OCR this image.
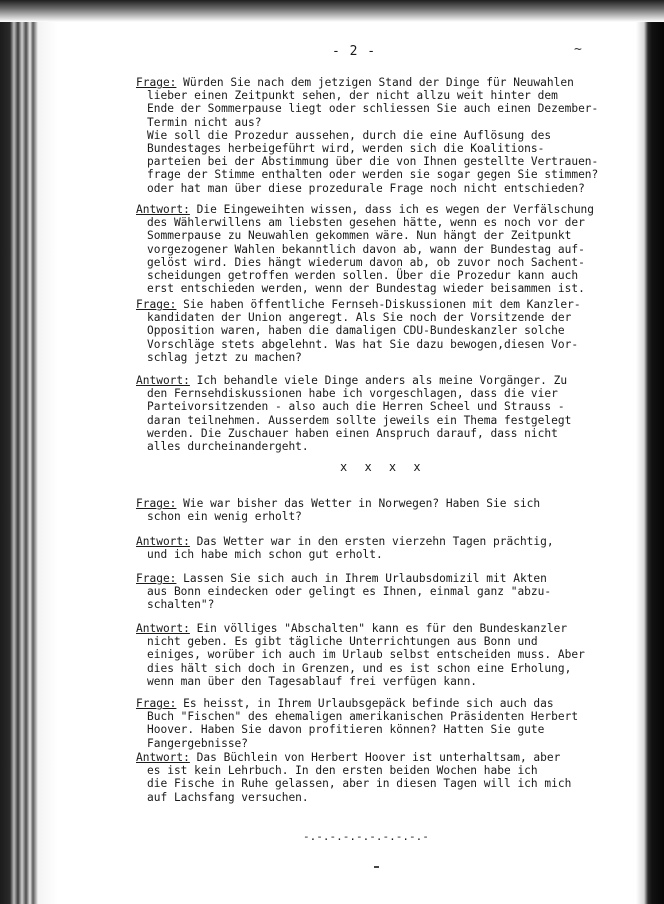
- 2 -	~
Frage: Würden Sie nach dem jetzigen Stand der Dinge für Neuwahlen
lieber einen Zeitpunkt sehen, der nicht allzu weit hinter dem
Ende der Sommerpause liegt oder schliessen Sie auch einen Dezember-
Termin nicht aus?
Wie soll die Prozedur aussehen, durch die eine Auflösung des
Bundestages herbeigeführt wird, werden sich die Koalitions-
parteien bei der Abstimmung über die von Ihnen gestellte Vertrauen-
frage der Stimme enthalten oder werden sie sogar gegen Sie stimmen?
oder hat man über diese prozedurale Frage noch nicht entschieden?
Antwort: Die Eingeweihten wissen, dass ich es wegen der Verfälschung
des Wählerwillens am liebsten gesehen hätte, wenn es noch vor der
Sommerpause zu Neuwahlen gekommen wäre. Nun hängt der Zeitpunkt
vorgezogener Wahlen bekanntlich davon ab, wann der Bundestag auf-
gelöst wird. Dies hängt wiederum davon ab, ob zuvor noch Sachent-
scheidungen getroffen werden sollen. Über die Prozedur kann auch
erst entschieden werden, wenn der Bundestag wieder beisammen ist.
Frage: Sie haben öffentliche Fernseh-Diskussionen mit dem Kanzler-
kandidaten der Union angeregt. Als Sie noch der Vorsitzende der
Opposition waren, haben die damaligen CDU-Bundeskanzler solche
Vorschläge stets abgelehnt. Was hat Sie dazu bewogen,diesen Vor-
schlag jetzt zu machen?
Antwort: Ich behandle viele Dinge anders als meine Vorgänger. Zu
den Fernsehdiskussionen habe ich vorgeschlagen, dass die vier
Parteivorsitzenden - also auch die Herren Scheel und Strauss -
daran teilnehmen. Ausserdem sollte jeweils ein Thema festgelegt
werden. Die Zuschauer haben einen Anspruch darauf, dass nicht
alles durcheinandergeht.
Frage: Wie war bisher das Wetter in Norwegen? Haben Sie sich
schon ein wenig erholt?
Antwort: Das Wetter war in den ersten vierzehn Tagen prächtig,
und ich habe mich schon gut erholt.
Frage: Lassen Sie sich auch in Ihrem Urlaubsdomizil mit Akten
aus Bonn eindecken oder gelingt es Ihnen, einmal ganz "abzu-
schalten"?
Antwort: Ein völliges "Abschalten" kann es für den Bundeskanzler
nicht geben. Es gibt tägliche Unterrichtungen aus Bonn und
einiges, worüber ich auch im Urlaub selbst entscheiden muss. Aber
dies hält sich doch in Grenzen, und es ist schon eine Erholung,
wenn man über den Tagesablauf frei verfügen kann.
Frage: Es heisst, in Ihrem Urlaubsgepäck befinde sich auch das
Buch "Fischen" des ehemaligen amerikanischen Präsidenten Herbert
Hoover. Haben Sie davon profitieren können? Hatten Sie gute
Fangergebnisse?
Antwort: Das Büchlein von Herbert Hoover ist unterhaltsam, aber
es ist kein Lehrbuch. In den ersten beiden Wochen habe ich
die Fische in Ruhe gelassen, aber in diesen Tagen will ich mich
auf Lachsfang versuchen.
x x x x
-.-.-.-.-.-.-.-.-.-
